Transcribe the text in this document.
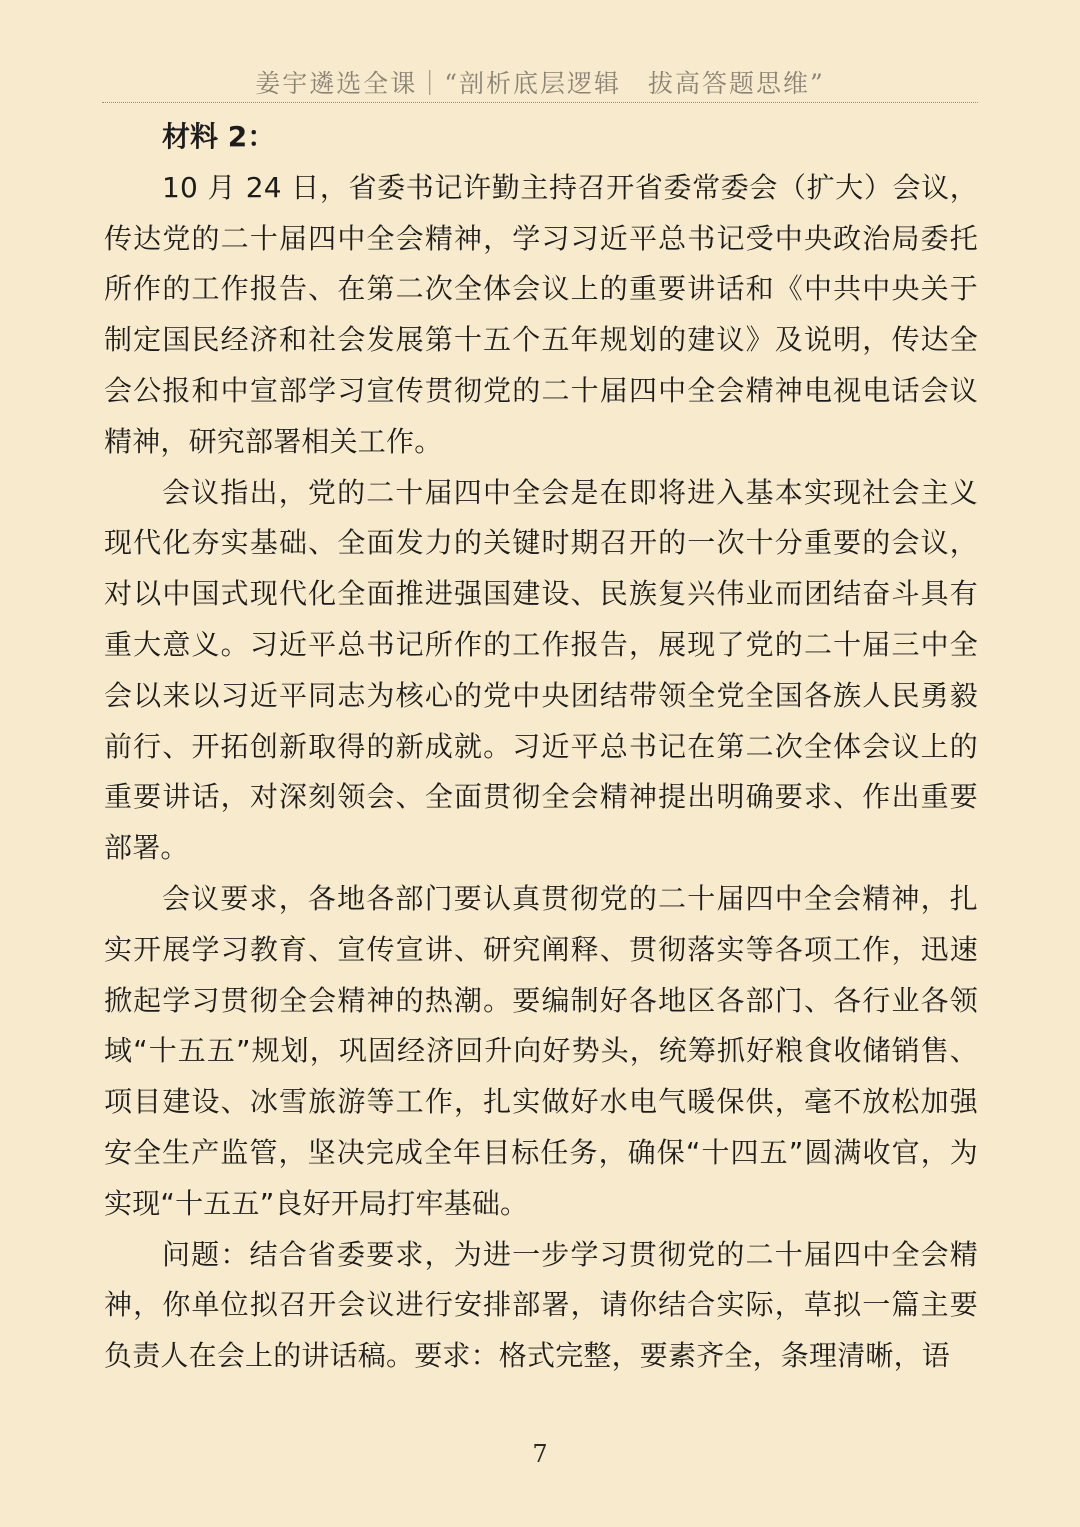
姜宇遴选全课｜“剖析底层逻辑　拔高答题思维”

材料 2：

10 月 24 日，省委书记许勤主持召开省委常委会（扩大）会议，传达党的二十届四中全会精神，学习习近平总书记受中央政治局委托所作的工作报告、在第二次全体会议上的重要讲话和《中共中央关于制定国民经济和社会发展第十五个五年规划的建议》及说明，传达全会公报和中宣部学习宣传贯彻党的二十届四中全会精神电视电话会议精神，研究部署相关工作。

会议指出，党的二十届四中全会是在即将进入基本实现社会主义现代化夯实基础、全面发力的关键时期召开的一次十分重要的会议，对以中国式现代化全面推进强国建设、民族复兴伟业而团结奋斗具有重大意义。习近平总书记所作的工作报告，展现了党的二十届三中全会以来以习近平同志为核心的党中央团结带领全党全国各族人民勇毅前行、开拓创新取得的新成就。习近平总书记在第二次全体会议上的重要讲话，对深刻领会、全面贯彻全会精神提出明确要求、作出重要部署。

会议要求，各地各部门要认真贯彻党的二十届四中全会精神，扎实开展学习教育、宣传宣讲、研究阐释、贯彻落实等各项工作，迅速掀起学习贯彻全会精神的热潮。要编制好各地区各部门、各行业各领域“十五五”规划，巩固经济回升向好势头，统筹抓好粮食收储销售、项目建设、冰雪旅游等工作，扎实做好水电气暖保供，毫不放松加强安全生产监管，坚决完成全年目标任务，确保“十四五”圆满收官，为实现“十五五”良好开局打牢基础。

问题：结合省委要求，为进一步学习贯彻党的二十届四中全会精神，你单位拟召开会议进行安排部署，请你结合实际，草拟一篇主要负责人在会上的讲话稿。要求：格式完整，要素齐全，条理清晰，语

7
